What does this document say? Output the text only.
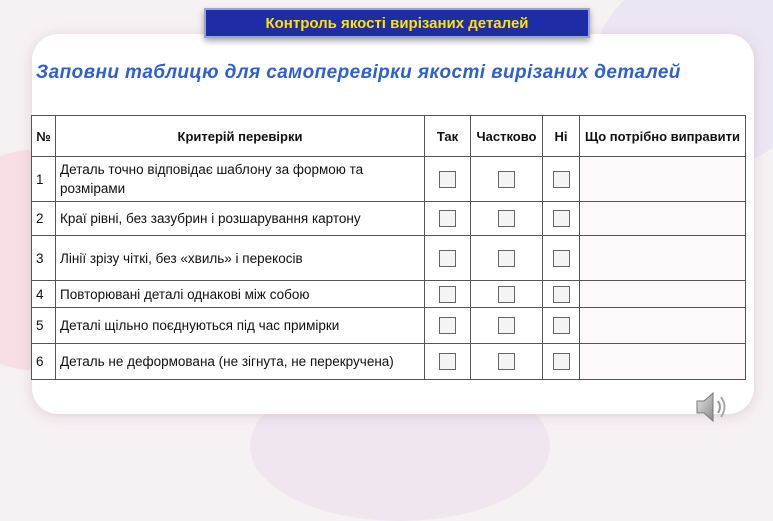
Контроль якості вирізаних деталей
Заповни таблицю для самоперевірки якості вирізаних деталей
№	Критерій перевірки	Так	Частково	Ні	Що потрібно виправити
1	Деталь точно відповідає шаблону за формою та розмірами				
2	Краї рівні, без зазубрин і розшарування картону				
3	Лінії зрізу чіткі, без «хвиль» і перекосів				
4	Повторювані деталі однакові між собою				
5	Деталі щільно поєднуються під час примірки				
6	Деталь не деформована (не зігнута, не перекручена)				
